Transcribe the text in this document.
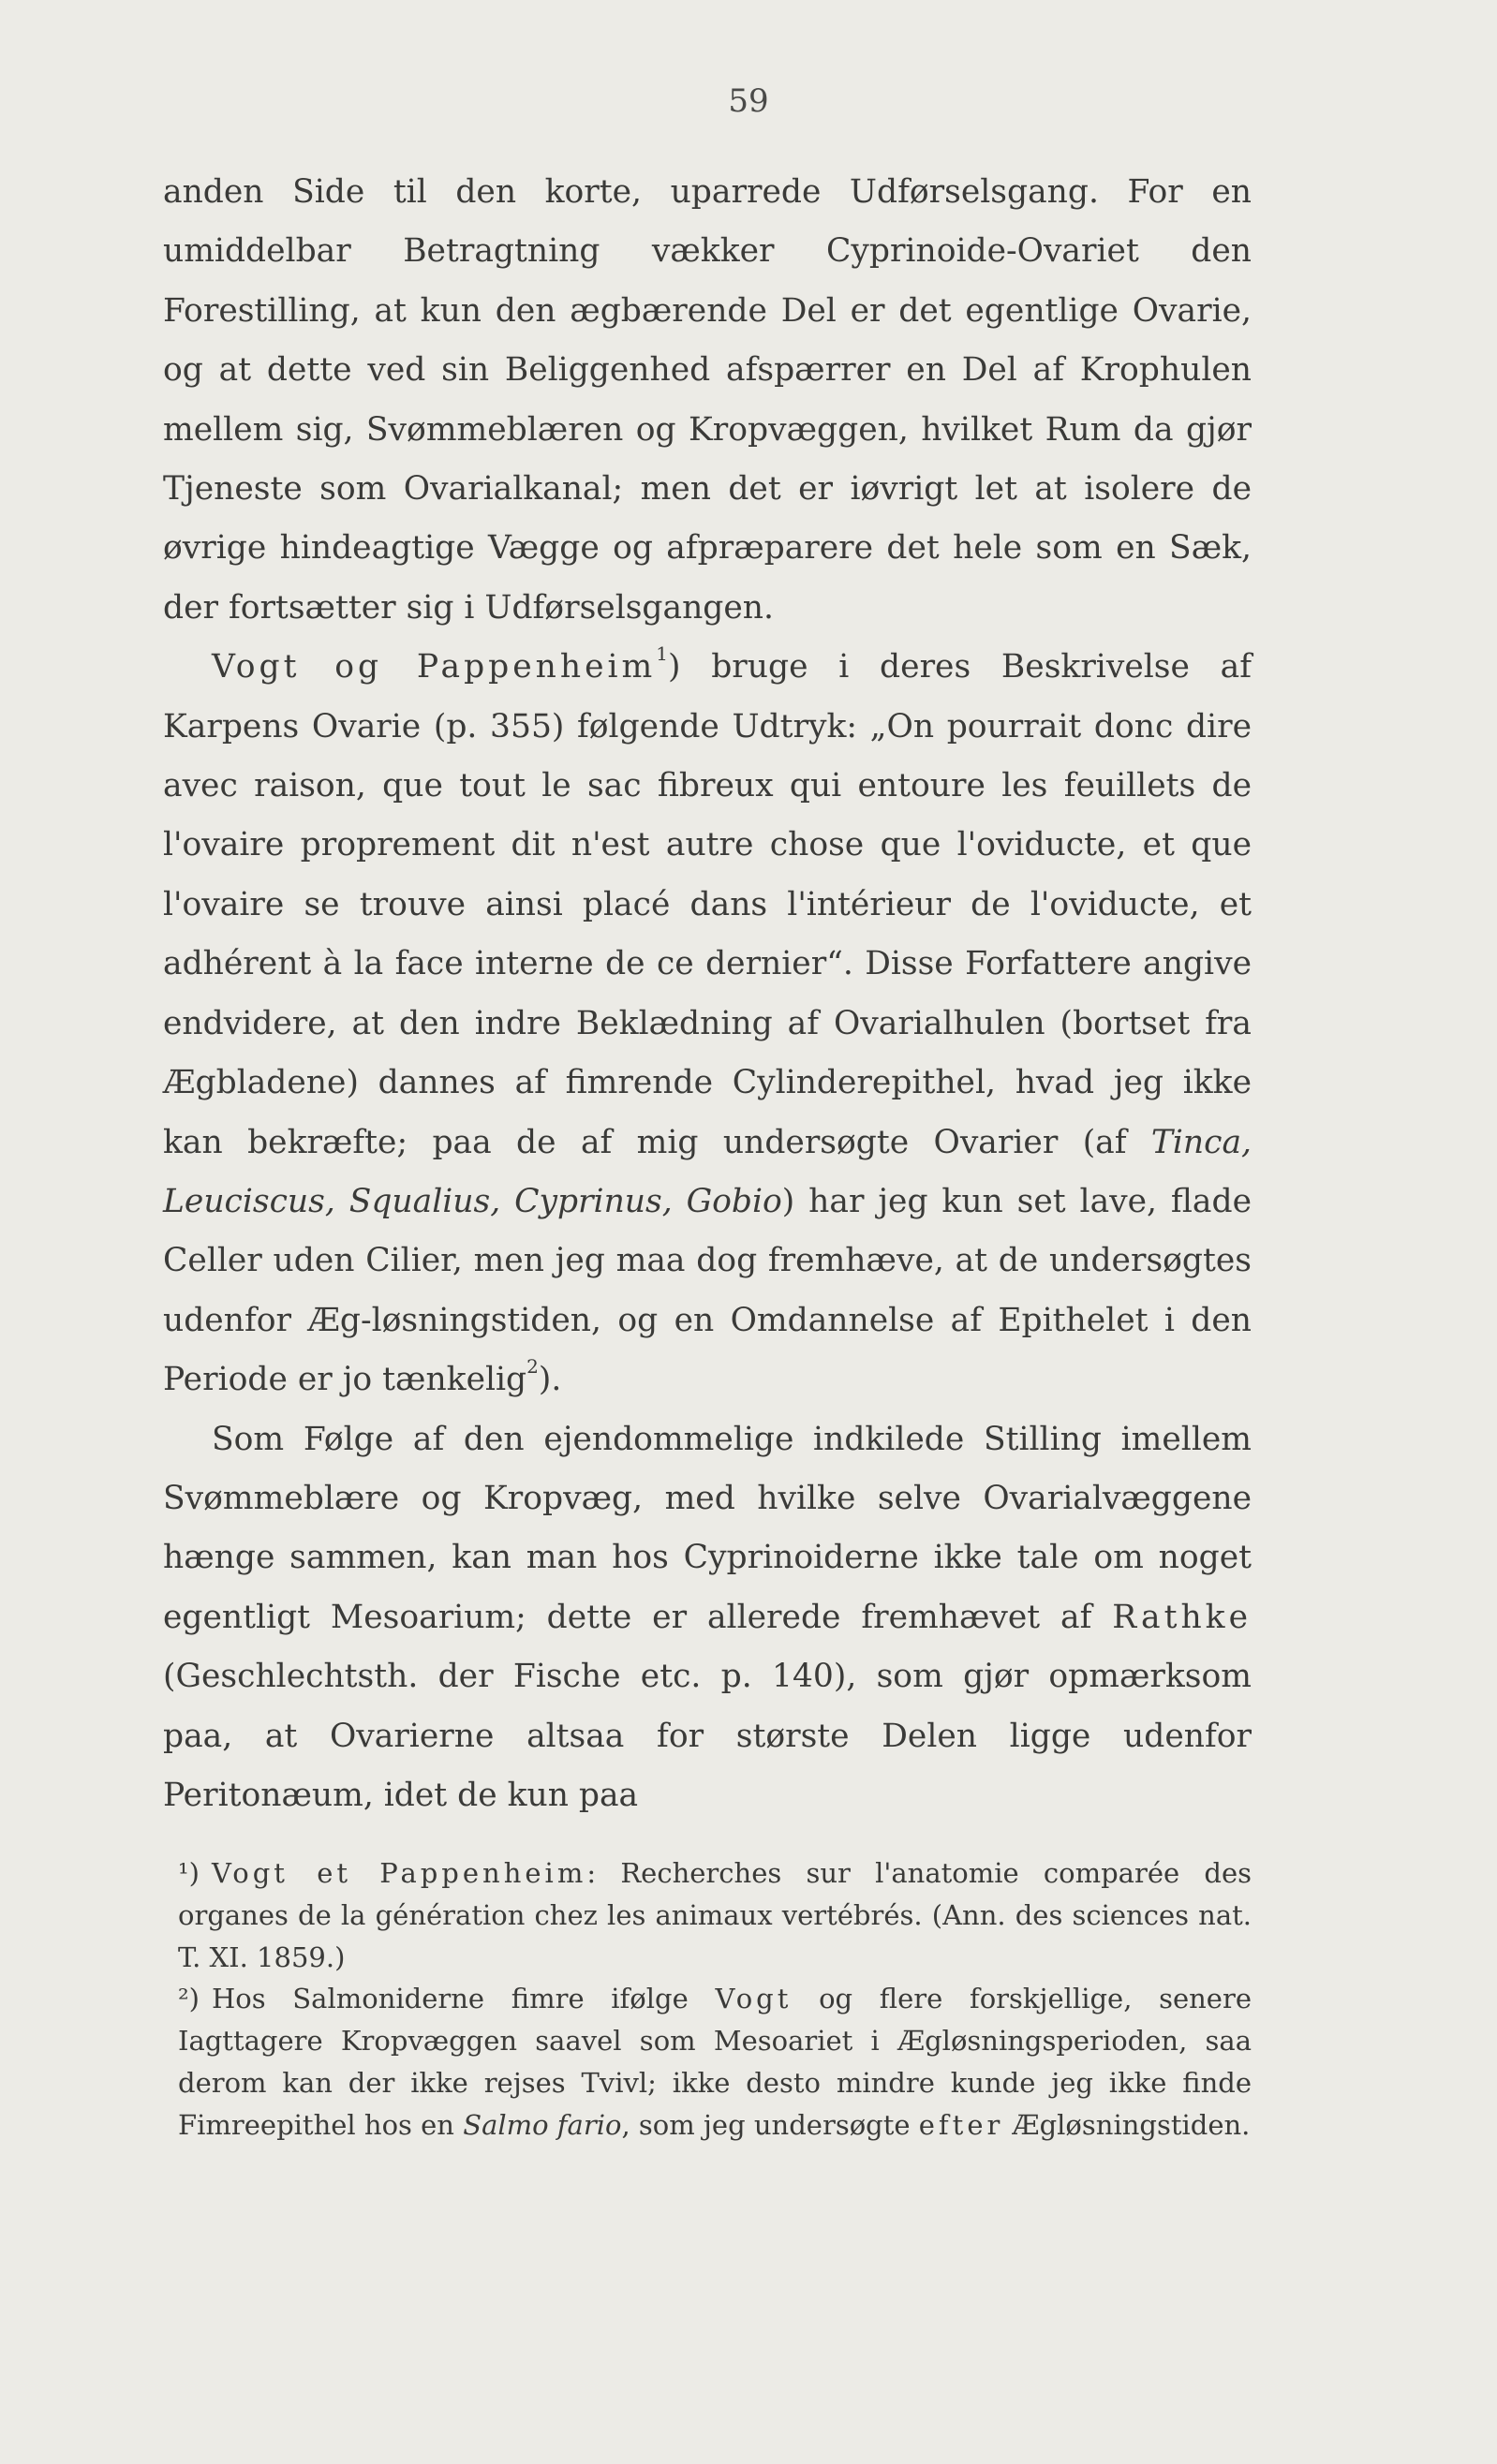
59

anden Side til den korte, uparrede Udførselsgang. For en umiddelbar Betragtning vækker Cyprinoide-Ovariet den Forestilling, at kun den ægbærende Del er det egentlige Ovarie, og at dette ved sin Beliggenhed afspærrer en Del af Krophulen mellem sig, Svømmeblæren og Kropvæggen, hvilket Rum da gjør Tjeneste som Ovarialkanal; men det er iøvrigt let at isolere de øvrige hindeagtige Vægge og afpræparere det hele som en Sæk, der fortsætter sig i Udførselsgangen.

Vogt og Pappenheim$^1$) bruge i deres Beskrivelse af Karpens Ovarie (p. 355) følgende Udtryk: „On pourrait donc dire avec raison, que tout le sac fibreux qui entoure les feuillets de l'ovaire proprement dit n'est autre chose que l'oviducte, et que l'ovaire se trouve ainsi placé dans l'intérieur de l'oviducte, et adhérent à la face interne de ce dernier“. Disse Forfattere angive endvidere, at den indre Beklædning af Ovarialhulen (bortset fra Ægbladene) dannes af fimrende Cylinderepithel, hvad jeg ikke kan bekræfte; paa de af mig undersøgte Ovarier (af Tinca, Leuciscus, Squalius, Cyprinus, Gobio) har jeg kun set lave, flade Celler uden Cilier, men jeg maa dog fremhæve, at de undersøgtes udenfor Æg-løsningstiden, og en Omdannelse af Epithelet i den Periode er jo tænkelig$^2$).

Som Følge af den ejendommelige indkilede Stilling imellem Svømmeblære og Kropvæg, med hvilke selve Ovarialvæggene hænge sammen, kan man hos Cyprinoiderne ikke tale om noget egentligt Mesoarium; dette er allerede fremhævet af Rathke (Geschlechtsth. der Fische etc. p. 140), som gjør opmærksom paa, at Ovarierne altsaa for største Delen ligge udenfor Peritonæum, idet de kun paa

¹) Vogt et Pappenheim: Recherches sur l'anatomie comparée des organes de la génération chez les animaux vertébrés. (Ann. des sciences nat. T. XI. 1859.)

²) Hos Salmoniderne fimre ifølge Vogt og flere forskjellige, senere Iagttagere Kropvæggen saavel som Mesoariet i Ægløsningsperioden, saa derom kan der ikke rejses Tvivl; ikke desto mindre kunde jeg ikke finde Fimreepithel hos en Salmo fario, som jeg undersøgte efter Ægløsningstiden.
